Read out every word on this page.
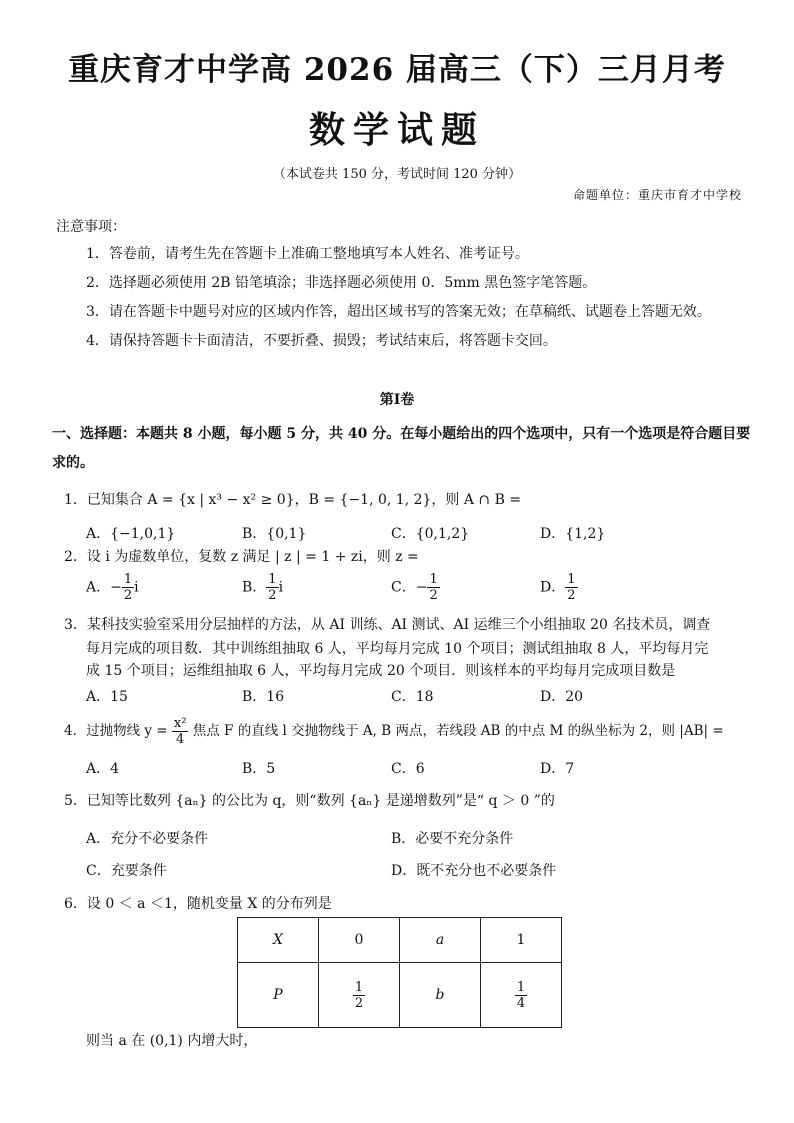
重庆育才中学高 2026 届高三（下）三月月考
数学试题
（本试卷共 150 分，考试时间 120 分钟）
命题单位：重庆市育才中学校
注意事项：
1．答卷前，请考生先在答题卡上准确工整地填写本人姓名、准考证号。
2．选择题必须使用 2B 铅笔填涂；非选择题必须使用 0．5mm 黑色签字笔答题。
3．请在答题卡中题号对应的区域内作答，超出区域书写的答案无效；在草稿纸、试题卷上答题无效。
4．请保持答题卡卡面清洁，不要折叠、损毁；考试结束后，将答题卡交回。
第Ⅰ卷
一、选择题：本题共 8 小题，每小题 5 分，共 40 分。在每小题给出的四个选项中，只有一个选项是符合题目要求的。
1．已知集合 A = {x | x³ − x² ≥ 0}，B = {−1, 0, 1, 2}，则 A ∩ B =
A．{−1,0,1}	B．{0,1}	C．{0,1,2}	D．{1,2}
2．设 i 为虚数单位，复数 z 满足 | z | = 1 + zi，则 z =
A．− $\frac{1}{2}$ i	B． $\frac{1}{2}$ i	C．− $\frac{1}{2}$	D． $\frac{1}{2}$
3．某科技实验室采用分层抽样的方法，从 AI 训练、AI 测试、AI 运维三个小组抽取 20 名技术员，调查
每月完成的项目数．其中训练组抽取 6 人，平均每月完成 10 个项目；测试组抽取 8 人，平均每月完
成 15 个项目；运维组抽取 6 人，平均每月完成 20 个项目．则该样本的平均每月完成项目数是
A．15	B．16	C．18	D．20
4．过抛物线 $y = \frac{\text{x²}}{4}$ 焦点 F 的直线 l 交抛物线于 A, B 两点，若线段 AB 的中点 M 的纵坐标为 2，则 |AB| =
A．4	B．5	C．6	D．7
5．已知等比数列 {aₙ} 的公比为 q，则“数列 {aₙ} 是递增数列”是“ q ＞ 0 ”的
A．充分不必要条件	B．必要不充分条件
C．充要条件	D．既不充分也不必要条件
6．设 0 ＜ a ＜1，随机变量 X 的分布列是
X	0	a	1
P	$\frac{1}{2}$	b	$\frac{1}{4}$
则当 a 在 (0,1) 内增大时，
